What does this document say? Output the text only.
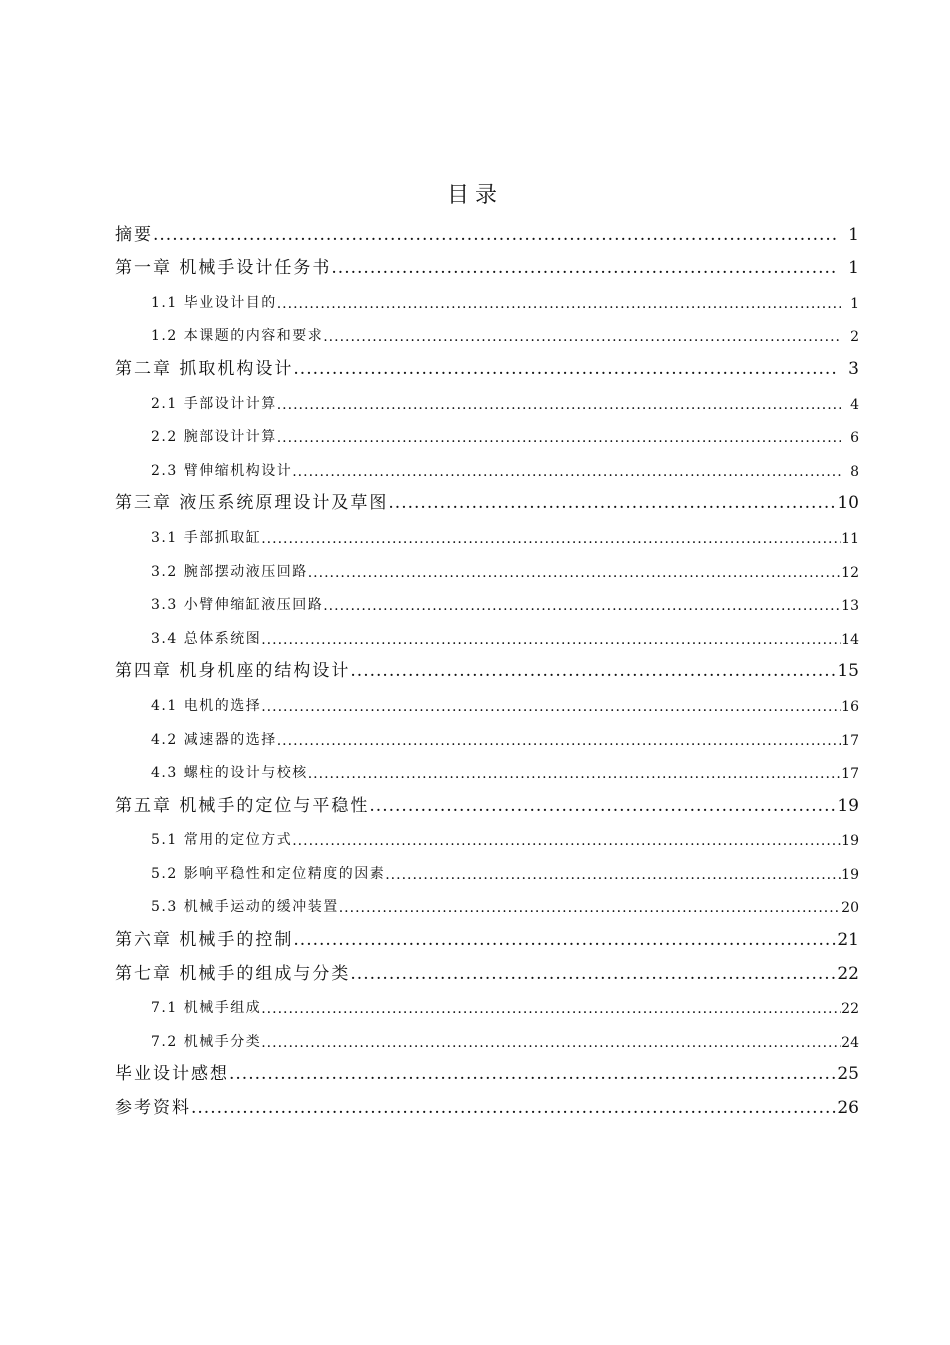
目录
摘要 .....	1
第一章 机械手设计任务书 .....	1
1.1 毕业设计目的 .....	1
1.2 本课题的内容和要求 .....	2
第二章 抓取机构设计 .....	3
2.1 手部设计计算 .....	4
2.2 腕部设计计算 .....	6
2.3 臂伸缩机构设计 .....	8
第三章 液压系统原理设计及草图 .....	10
3.1 手部抓取缸 .....	11
3.2 腕部摆动液压回路 .....	12
3.3 小臂伸缩缸液压回路 .....	13
3.4 总体系统图 .....	14
第四章 机身机座的结构设计 .....	15
4.1 电机的选择 .....	16
4.2 减速器的选择 .....	17
4.3 螺柱的设计与校核 .....	17
第五章 机械手的定位与平稳性 .....	19
5.1 常用的定位方式 .....	19
5.2 影响平稳性和定位精度的因素 .....	19
5.3 机械手运动的缓冲装置 .....	20
第六章 机械手的控制 .....	21
第七章 机械手的组成与分类 .....	22
7.1 机械手组成 .....	22
7.2 机械手分类 .....	24
毕业设计感想 .....	25
参考资料 .....	26
